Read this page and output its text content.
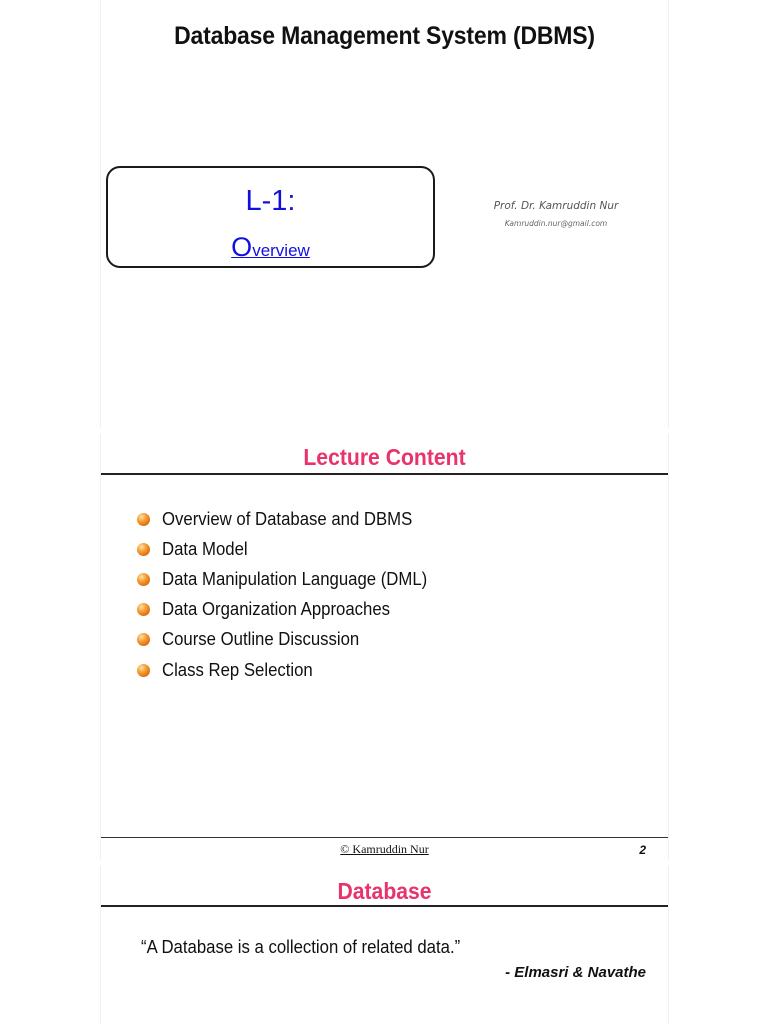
Database Management System (DBMS)
L-1:
Overview
Prof. Dr. Kamruddin Nur
Kamruddin.nur@gmail.com
Lecture Content
Overview of Database and DBMS
Data Model
Data Manipulation Language (DML)
Data Organization Approaches
Course Outline Discussion
Class Rep Selection
© Kamruddin Nur	2
Database
“A Database is a collection of related data.”
- Elmasri & Navathe
